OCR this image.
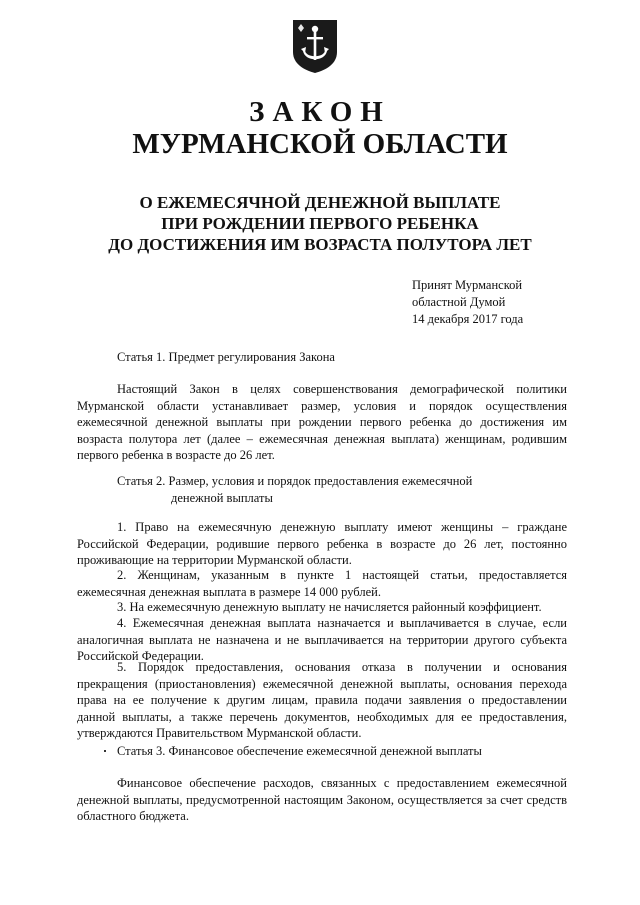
ЗАКОН
МУРМАНСКОЙ ОБЛАСТИ
О ЕЖЕМЕСЯЧНОЙ ДЕНЕЖНОЙ ВЫПЛАТЕ
ПРИ РОЖДЕНИИ ПЕРВОГО РЕБЕНКА
ДО ДОСТИЖЕНИЯ ИМ ВОЗРАСТА ПОЛУТОРА ЛЕТ
Принят Мурманской
областной Думой
14 декабря 2017 года
Статья 1. Предмет регулирования Закона

Настоящий Закон в целях совершенствования демографической политики Мурманской области устанавливает размер, условия и порядок осуществления ежемесячной денежной выплаты при рождении первого ребенка до достижения им возраста полутора лет (далее – ежемесячная денежная выплата) женщинам, родившим первого ребенка в возрасте до 26 лет.

Статья 2. Размер, условия и порядок предоставления ежемесячной
денежной выплаты

1. Право на ежемесячную денежную выплату имеют женщины – граждане Российской Федерации, родившие первого ребенка в возрасте до 26 лет, постоянно проживающие на территории Мурманской области.

2. Женщинам, указанным в пункте 1 настоящей статьи, предоставляется ежемесячная денежная выплата в размере 14 000 рублей.

3. На ежемесячную денежную выплату не начисляется районный коэффициент.

4. Ежемесячная денежная выплата назначается и выплачивается в случае, если аналогичная выплата не назначена и не выплачивается на территории другого субъекта Российской Федерации.

5. Порядок предоставления, основания отказа в получении и основания прекращения (приостановления) ежемесячной денежной выплаты, основания перехода права на ее получение к другим лицам, правила подачи заявления о предоставлении данной выплаты, а также перечень документов, необходимых для ее предоставления, утверждаются Правительством Мурманской области.

Статья 3. Финансовое обеспечение ежемесячной денежной выплаты

Финансовое обеспечение расходов, связанных с предоставлением ежемесячной денежной выплаты, предусмотренной настоящим Законом, осуществляется за счет средств областного бюджета.
